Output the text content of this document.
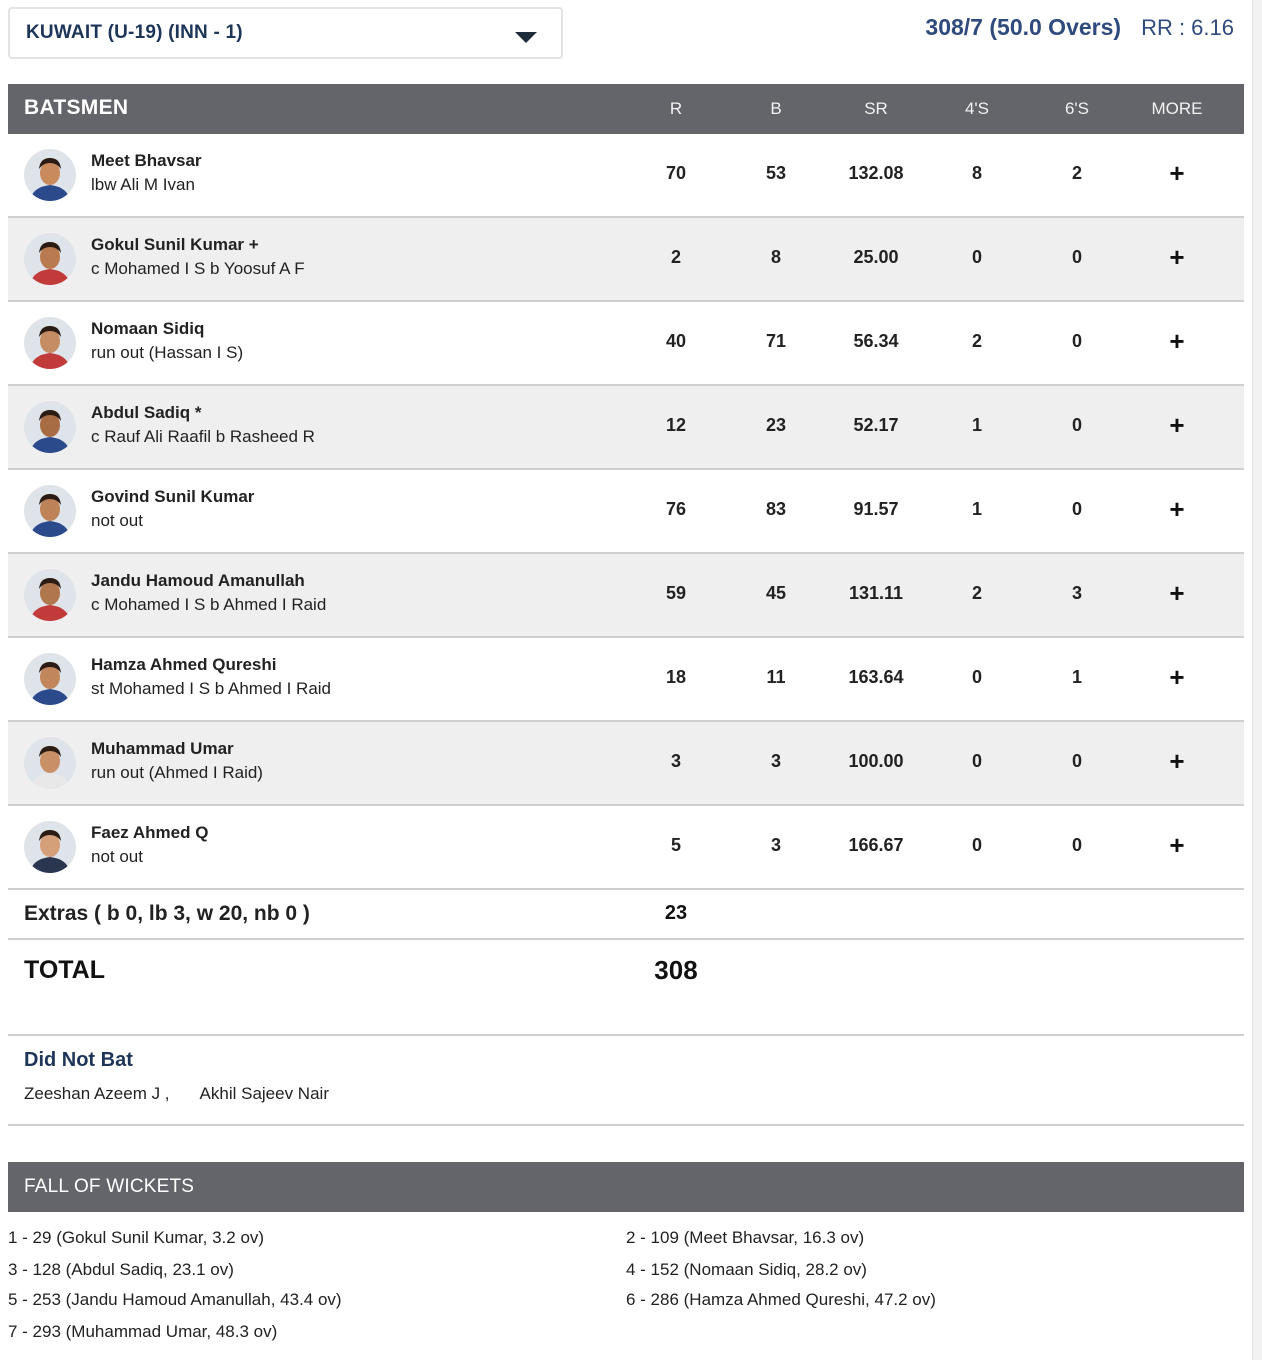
KUWAIT (U-19) (INN - 1)	308/7 (50.0 Overs) RR : 6.16
BATSMEN	R	B	SR	4'S	6'S	MORE
Meet Bhavsar
lbw Ali M Ivan
70	53	132.08	8	2	+
Gokul Sunil Kumar +
c Mohamed I S b Yoosuf A F
2	8	25.00	0	0	+
Nomaan Sidiq
run out (Hassan I S)
40	71	56.34	2	0	+
Abdul Sadiq *
c Rauf Ali Raafil b Rasheed R
12	23	52.17	1	0	+
Govind Sunil Kumar
not out
76	83	91.57	1	0	+
Jandu Hamoud Amanullah
c Mohamed I S b Ahmed I Raid
59	45	131.11	2	3	+
Hamza Ahmed Qureshi
st Mohamed I S b Ahmed I Raid
18	11	163.64	0	1	+
Muhammad Umar
run out (Ahmed I Raid)
3	3	100.00	0	0	+
Faez Ahmed Q
not out
5	3	166.67	0	0	+
Extras ( b 0, lb 3, w 20, nb 0 )	23
TOTAL	308
Did Not Bat
Zeeshan Azeem J , Akhil Sajeev Nair
FALL OF WICKETS
1 - 29 (Gokul Sunil Kumar, 3.2 ov)	2 - 109 (Meet Bhavsar, 16.3 ov)
3 - 128 (Abdul Sadiq, 23.1 ov)	4 - 152 (Nomaan Sidiq, 28.2 ov)
5 - 253 (Jandu Hamoud Amanullah, 43.4 ov)	6 - 286 (Hamza Ahmed Qureshi, 47.2 ov)
7 - 293 (Muhammad Umar, 48.3 ov)
